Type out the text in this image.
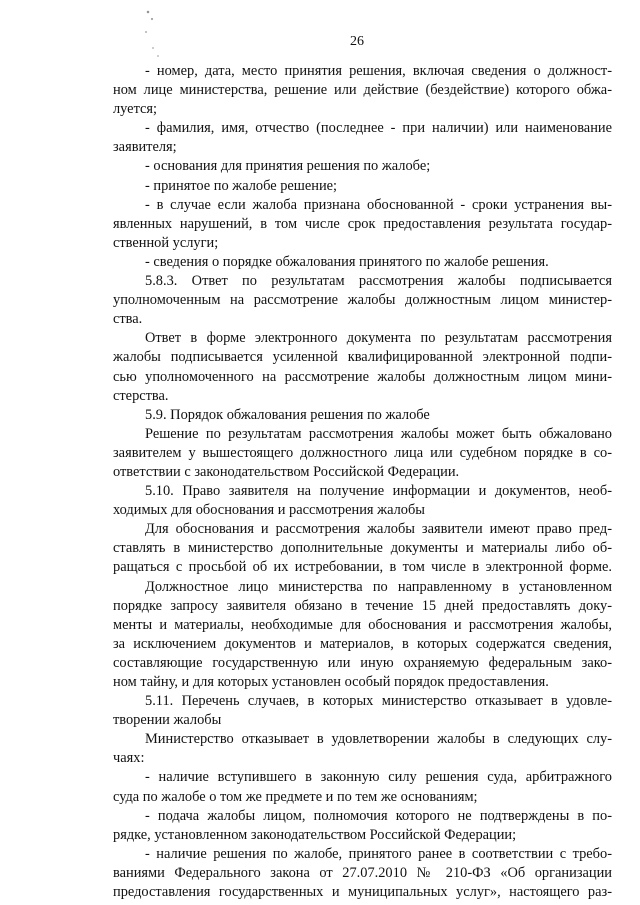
26
- номер, дата, место принятия решения, включая сведения о должност-
ном лице министерства, решение или действие (бездействие) которого обжа-
луется;
- фамилия, имя, отчество (последнее - при наличии) или наименование
заявителя;
- основания для принятия решения по жалобе;
- принятое по жалобе решение;
- в случае если жалоба признана обоснованной - сроки устранения вы-
явленных нарушений, в том числе срок предоставления результата государ-
ственной услуги;
- сведения о порядке обжалования принятого по жалобе решения.
5.8.3. Ответ по результатам рассмотрения жалобы подписывается
уполномоченным на рассмотрение жалобы должностным лицом министер-
ства.
Ответ в форме электронного документа по результатам рассмотрения
жалобы подписывается усиленной квалифицированной электронной подпи-
сью уполномоченного на рассмотрение жалобы должностным лицом мини-
стерства.
5.9. Порядок обжалования решения по жалобе
Решение по результатам рассмотрения жалобы может быть обжаловано
заявителем у вышестоящего должностного лица или судебном порядке в со-
ответствии с законодательством Российской Федерации.
5.10. Право заявителя на получение информации и документов, необ-
ходимых для обоснования и рассмотрения жалобы
Для обоснования и рассмотрения жалобы заявители имеют право пред-
ставлять в министерство дополнительные документы и материалы либо об-
ращаться с просьбой об их истребовании, в том числе в электронной форме.
Должностное лицо министерства по направленному в установленном
порядке запросу заявителя обязано в течение 15 дней предоставлять доку-
менты и материалы, необходимые для обоснования и рассмотрения жалобы,
за исключением документов и материалов, в которых содержатся сведения,
составляющие государственную или иную охраняемую федеральным зако-
ном тайну, и для которых установлен особый порядок предоставления.
5.11. Перечень случаев, в которых министерство отказывает в удовле-
творении жалобы
Министерство отказывает в удовлетворении жалобы в следующих слу-
чаях:
- наличие вступившего в законную силу решения суда, арбитражного
суда по жалобе о том же предмете и по тем же основаниям;
- подача жалобы лицом, полномочия которого не подтверждены в по-
рядке, установленном законодательством Российской Федерации;
- наличие решения по жалобе, принятого ранее в соответствии с требо-
ваниями Федерального закона от 27.07.2010 № 210-ФЗ «Об организации
предоставления государственных и муниципальных услуг», настоящего раз-
